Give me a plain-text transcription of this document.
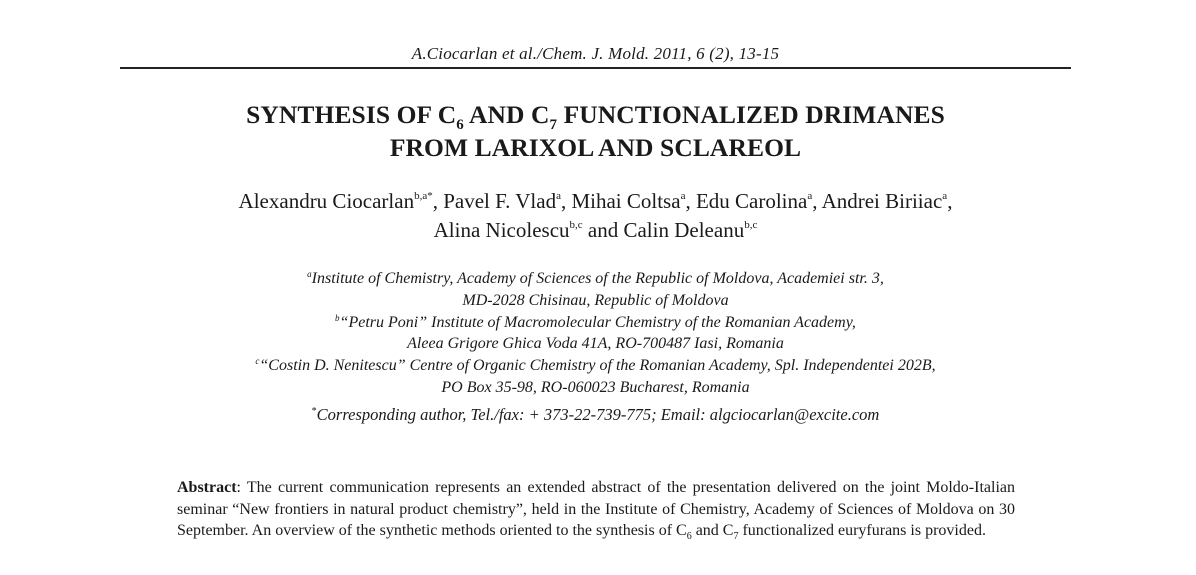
A.Ciocarlan et al./Chem. J. Mold. 2011, 6 (2), 13-15
SYNTHESIS OF $C_6$ AND $C_7$ FUNCTIONALIZED DRIMANES
FROM LARIXOL AND SCLAREOL
Alexandru Ciocarlan$^{b,a*}$, Pavel F. Vlad$^a$, Mihai Coltsa$^a$, Edu Carolina$^a$, Andrei Biriiac$^a$,
Alina Nicolescu$^{b,c}$ and Calin Deleanu$^{b,c}$
$^a$Institute of Chemistry, Academy of Sciences of the Republic of Moldova, Academiei str. 3,
MD-2028 Chisinau, Republic of Moldova
$^b$“Petru Poni” Institute of Macromolecular Chemistry of the Romanian Academy,
Aleea Grigore Ghica Voda 41A, RO-700487 Iasi, Romania
$^c$“Costin D. Nenitescu” Centre of Organic Chemistry of the Romanian Academy, Spl. Independentei 202B,
PO Box 35-98, RO-060023 Bucharest, Romania
*Corresponding author, Tel./fax: + 373-22-739-775; Email: algciocarlan@excite.com
Abstract: The current communication represents an extended abstract of the presentation delivered on the joint Moldo-Italian seminar “New frontiers in natural product chemistry”, held in the Institute of Chemistry, Academy of Sciences of Moldova on 30 September. An overview of the synthetic methods oriented to the synthesis of $C_6$ and $C_7$ functionalized euryfurans is provided.
